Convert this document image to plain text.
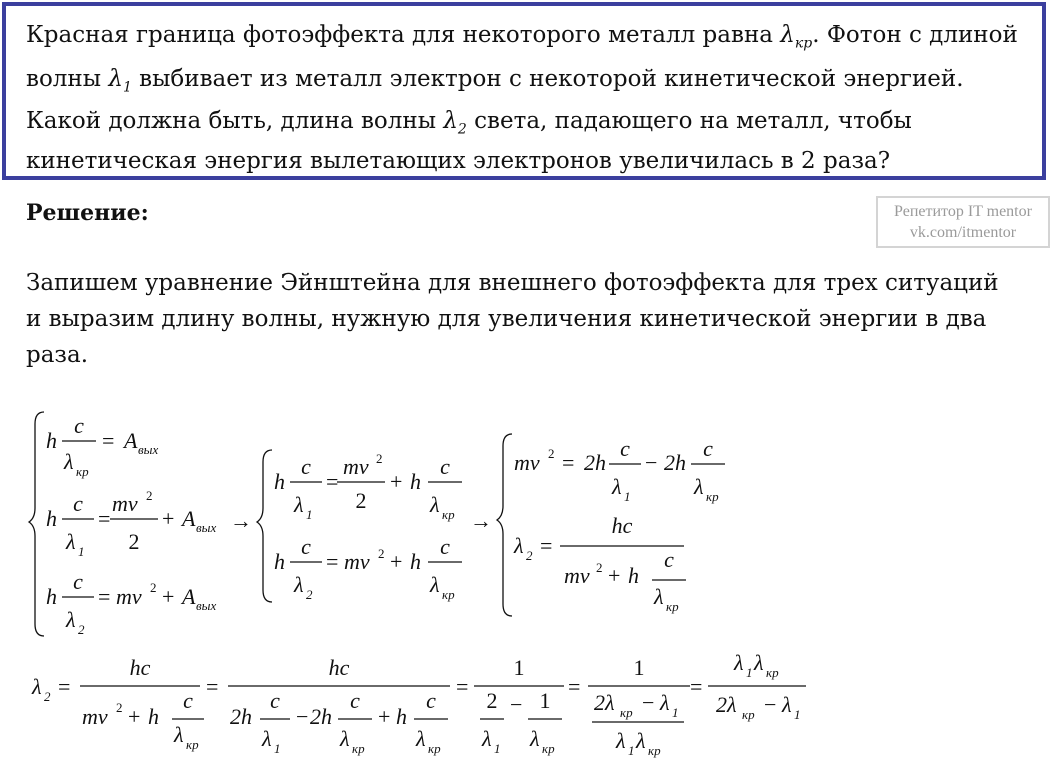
Красная граница фотоэффекта для некоторого металл равна $\lambda_{кр}$. Фотон с длиной
волны $\lambda_1$ выбивает из металл электрон с некоторой кинетической энергией.
Какой должна быть, длина волны $\lambda_2$ света, падающего на металл, чтобы
кинетическая энергия вылетающих электронов увеличилась в 2 раза?
Решение:	Репетитор IT mentor
vk.com/itmentor
Запишем уравнение Эйнштейна для внешнего фотоэффекта для трех ситуаций
и выразим длину волны, нужную для увеличения кинетической энергии в два
раза.
h
c
λ кр
= A вых
h
c
λ 1
=
mv 2
2
+ A вых
h
c
λ 2
= mv 2 + A вых
→
h
c
λ 1
=
mv 2
2
+ h
c
λ кр
h
c
λ 2
= mv 2 + h
c
λ кр
→
mv 2 = 2h
c
λ 1
− 2h
c
λ кр
λ 2 =
hc
mv 2 + h
c
λ кр
λ 2 =
hc
mv 2 + h
c
λ кр
=
hc
2h
c
λ 1
− 2h
c
λ кр
+ h
c
λ кр
=
1
2
λ 1
− 1
λ кр
=
1
2λ кр − λ 1
λ 1 λ кр
=
λ 1 λ кр
2λ кр − λ 1
